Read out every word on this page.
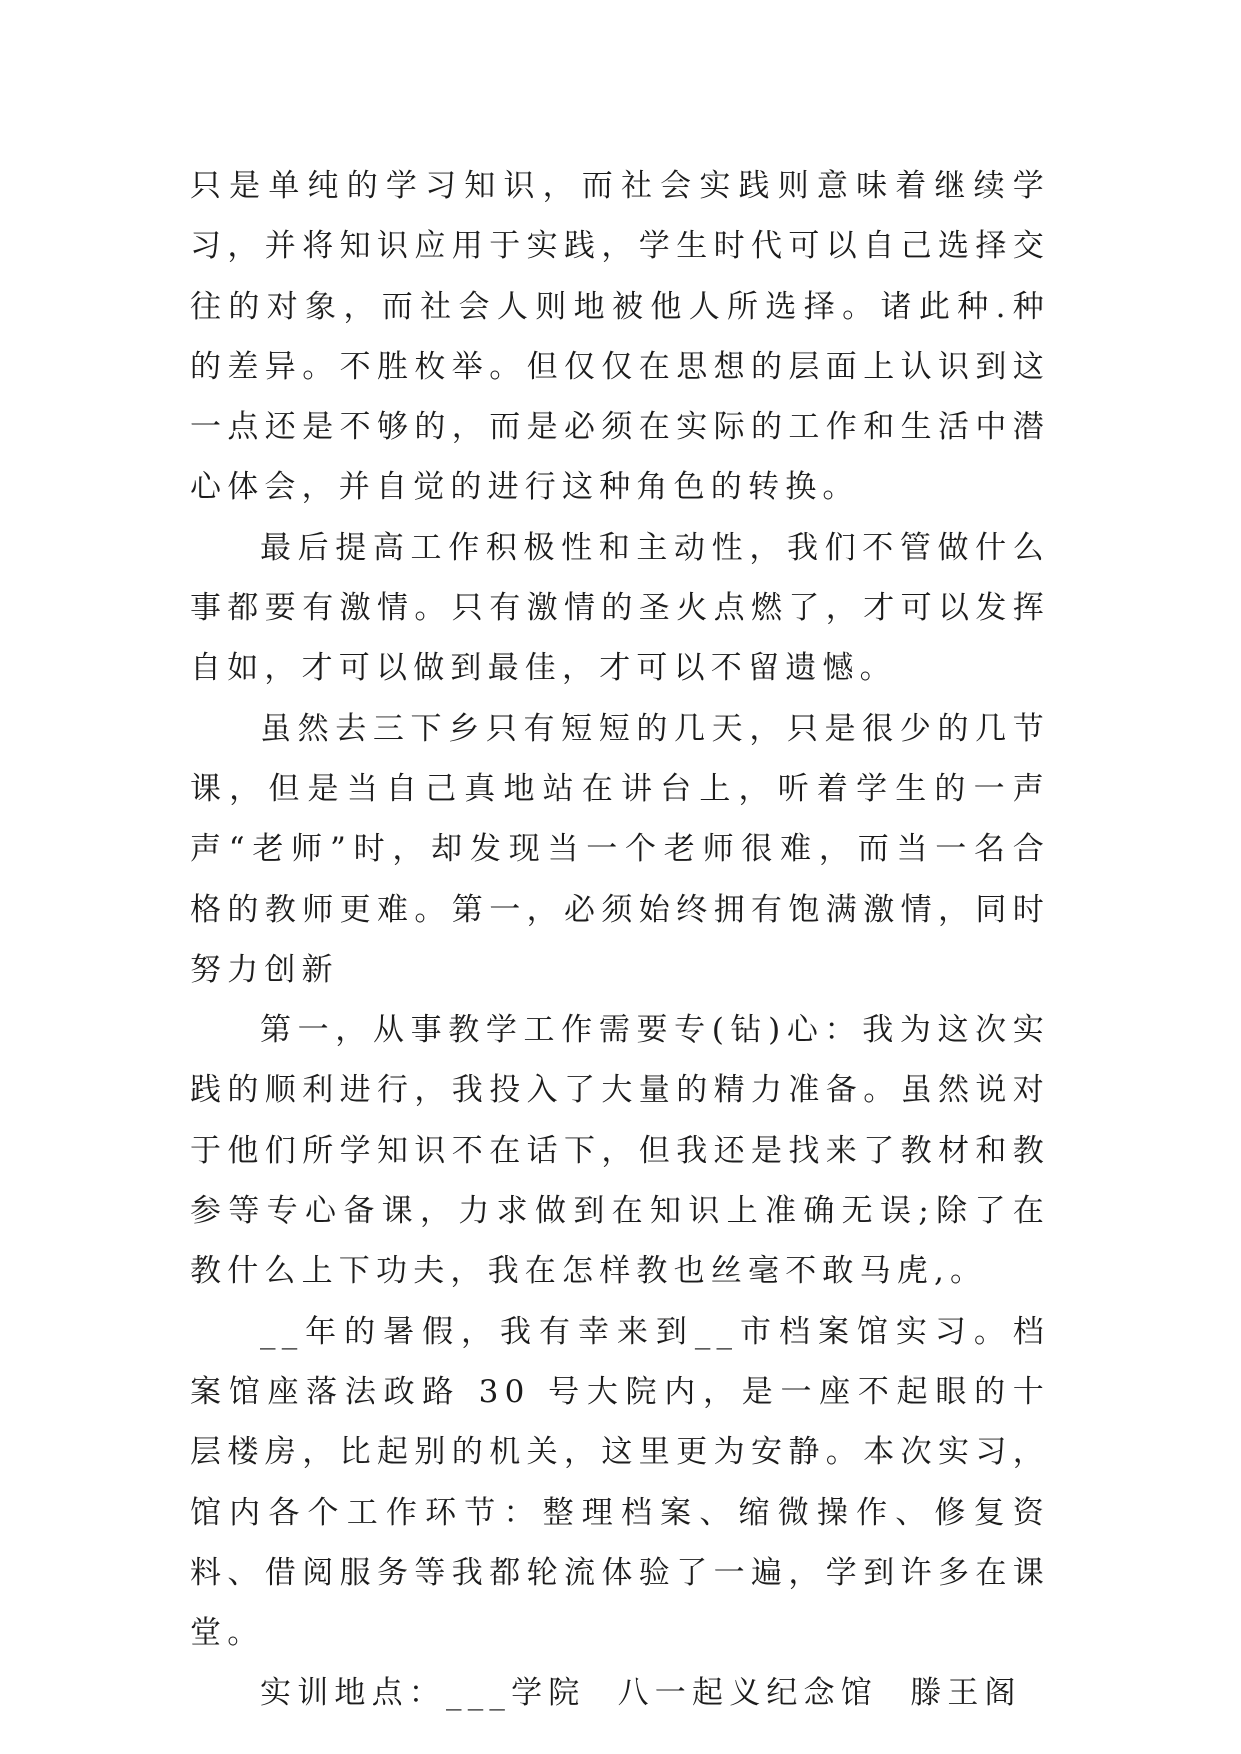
只是单纯的学习知识，而社会实践则意味着继续学习，并将知识应用于实践，学生时代可以自己选择交往的对象，而社会人则地被他人所选择。诸此种.种的差异。不胜枚举。但仅仅在思想的层面上认识到这一点还是不够的，而是必须在实际的工作和生活中潜心体会，并自觉的进行这种角色的转换。

最后提高工作积极性和主动性，我们不管做什么事都要有激情。只有激情的圣火点燃了，才可以发挥自如，才可以做到最佳，才可以不留遗憾。

虽然去三下乡只有短短的几天，只是很少的几节课，但是当自己真地站在讲台上，听着学生的一声声“老师”时，却发现当一个老师很难，而当一名合格的教师更难。第一，必须始终拥有饱满激情，同时努力创新

第一，从事教学工作需要专(钻)心：我为这次实践的顺利进行，我投入了大量的精力准备。虽然说对于他们所学知识不在话下，但我还是找来了教材和教参等专心备课，力求做到在知识上准确无误;除了在教什么上下功夫，我在怎样教也丝毫不敢马虎,。

__年的暑假，我有幸来到__市档案馆实习。档案馆座落法政路 30 号大院内，是一座不起眼的十层楼房，比起别的机关，这里更为安静。本次实习，馆内各个工作环节：整理档案、缩微操作、修复资料、借阅服务等我都轮流体验了一遍，学到许多在课堂。

实训地点：___学院  八一起义纪念馆  滕王阁
